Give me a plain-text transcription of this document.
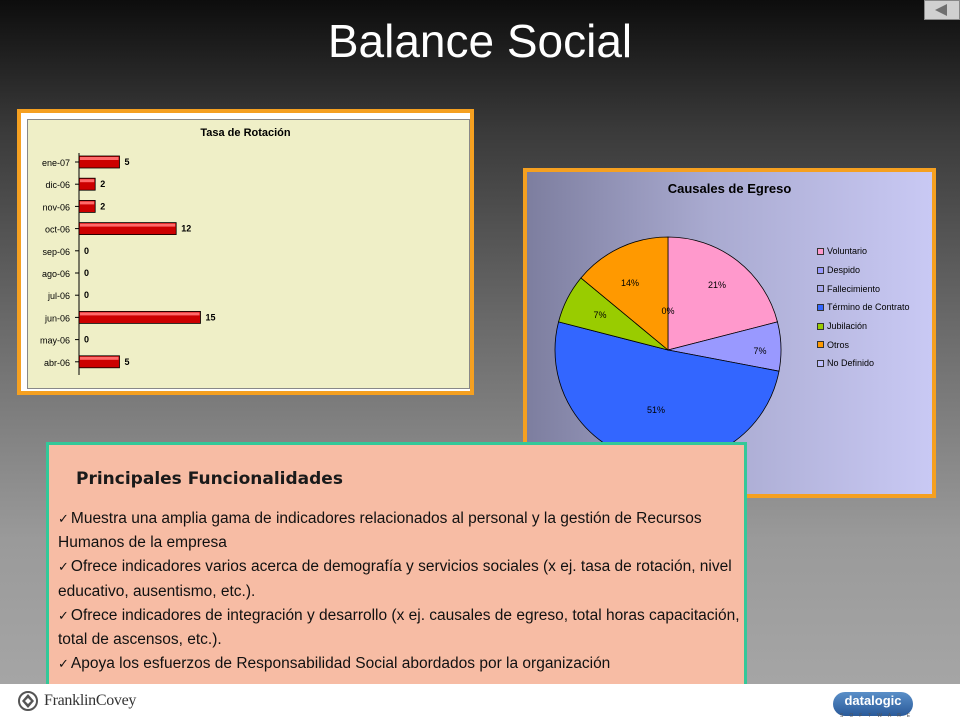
Balance Social
Tasa de Rotación
ene-07	5
dic-06	2
nov-06	2
oct-06	12
sep-06 0
ago-06 0
jul-06 0
jun-06	15
may-06 0
abr-06	5
Causales de Egreso
21%
7%
51%
7%
14%
0%
Voluntario
Despido
Fallecimiento
Término de Contrato
Jubilación
Otros
No Definido
Principales Funcionalidades
✓ Muestra una amplia gama de indicadores relacionados al personal y la gestión de Recursos Humanos de la empresa
✓ Ofrece indicadores varios acerca de demografía y servicios sociales (x ej. tasa de rotación, nivel educativo, ausentismo, etc.).
✓ Ofrece indicadores de integración y desarrollo (x ej. causales de egreso, total horas capacitación, total de ascensos, etc.).
✓ Apoya los esfuerzos de Responsabilidad Social abordados por la organización
FranklinCovey	datalogic
SOFTWARE
